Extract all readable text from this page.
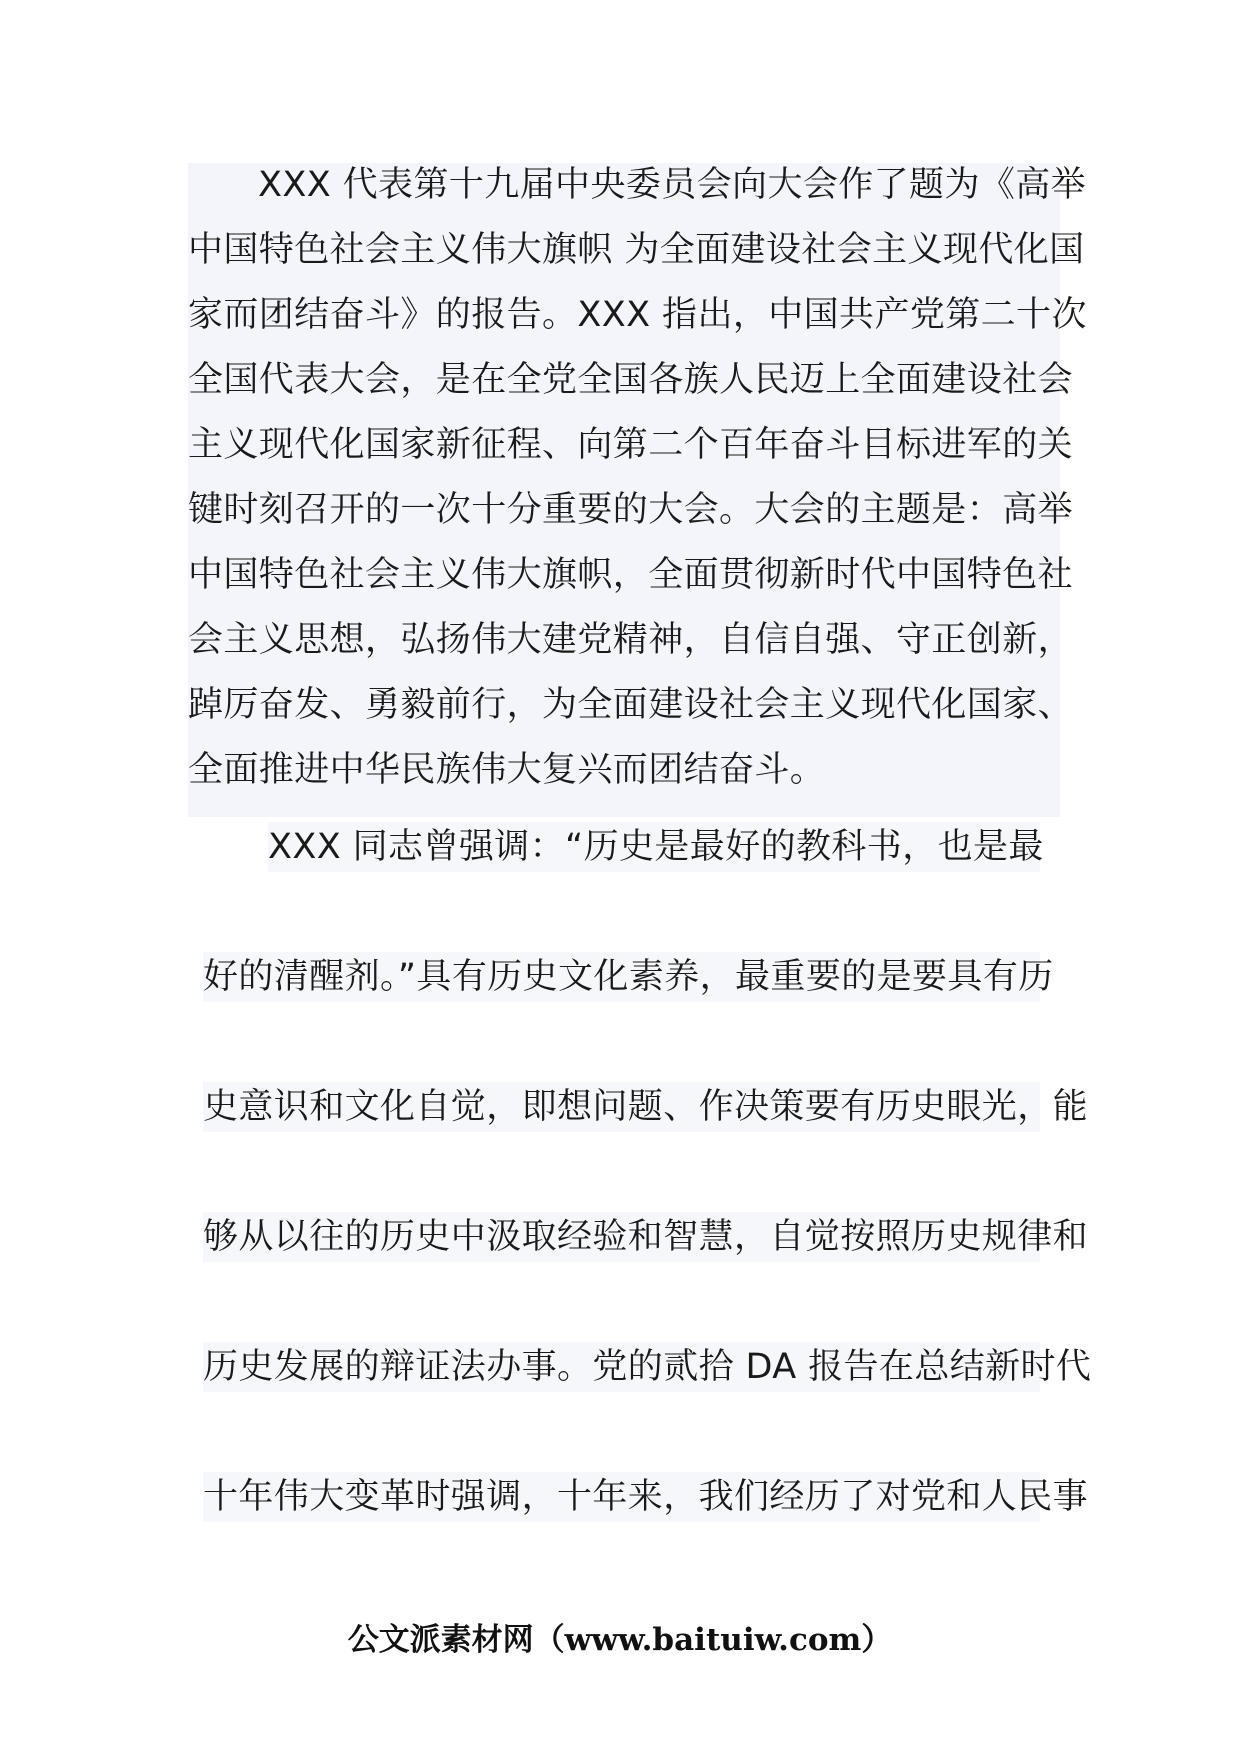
XXX 代表第十九届中央委员会向大会作了题为《高举
中国特色社会主义伟大旗帜 为全面建设社会主义现代化国
家而团结奋斗》的报告。XXX 指出，中国共产党第二十次
全国代表大会，是在全党全国各族人民迈上全面建设社会
主义现代化国家新征程、向第二个百年奋斗目标进军的关
键时刻召开的一次十分重要的大会。大会的主题是：高举
中国特色社会主义伟大旗帜，全面贯彻新时代中国特色社
会主义思想，弘扬伟大建党精神，自信自强、守正创新，
踔厉奋发、勇毅前行，为全面建设社会主义现代化国家、
全面推进中华民族伟大复兴而团结奋斗。
XXX 同志曾强调：“历史是最好的教科书，也是最
好的清醒剂。”具有历史文化素养，最重要的是要具有历
史意识和文化自觉，即想问题、作决策要有历史眼光，能
够从以往的历史中汲取经验和智慧，自觉按照历史规律和
历史发展的辩证法办事。党的贰拾 DA 报告在总结新时代
十年伟大变革时强调，十年来，我们经历了对党和人民事
公文派素材网（www.baituiw.com）
